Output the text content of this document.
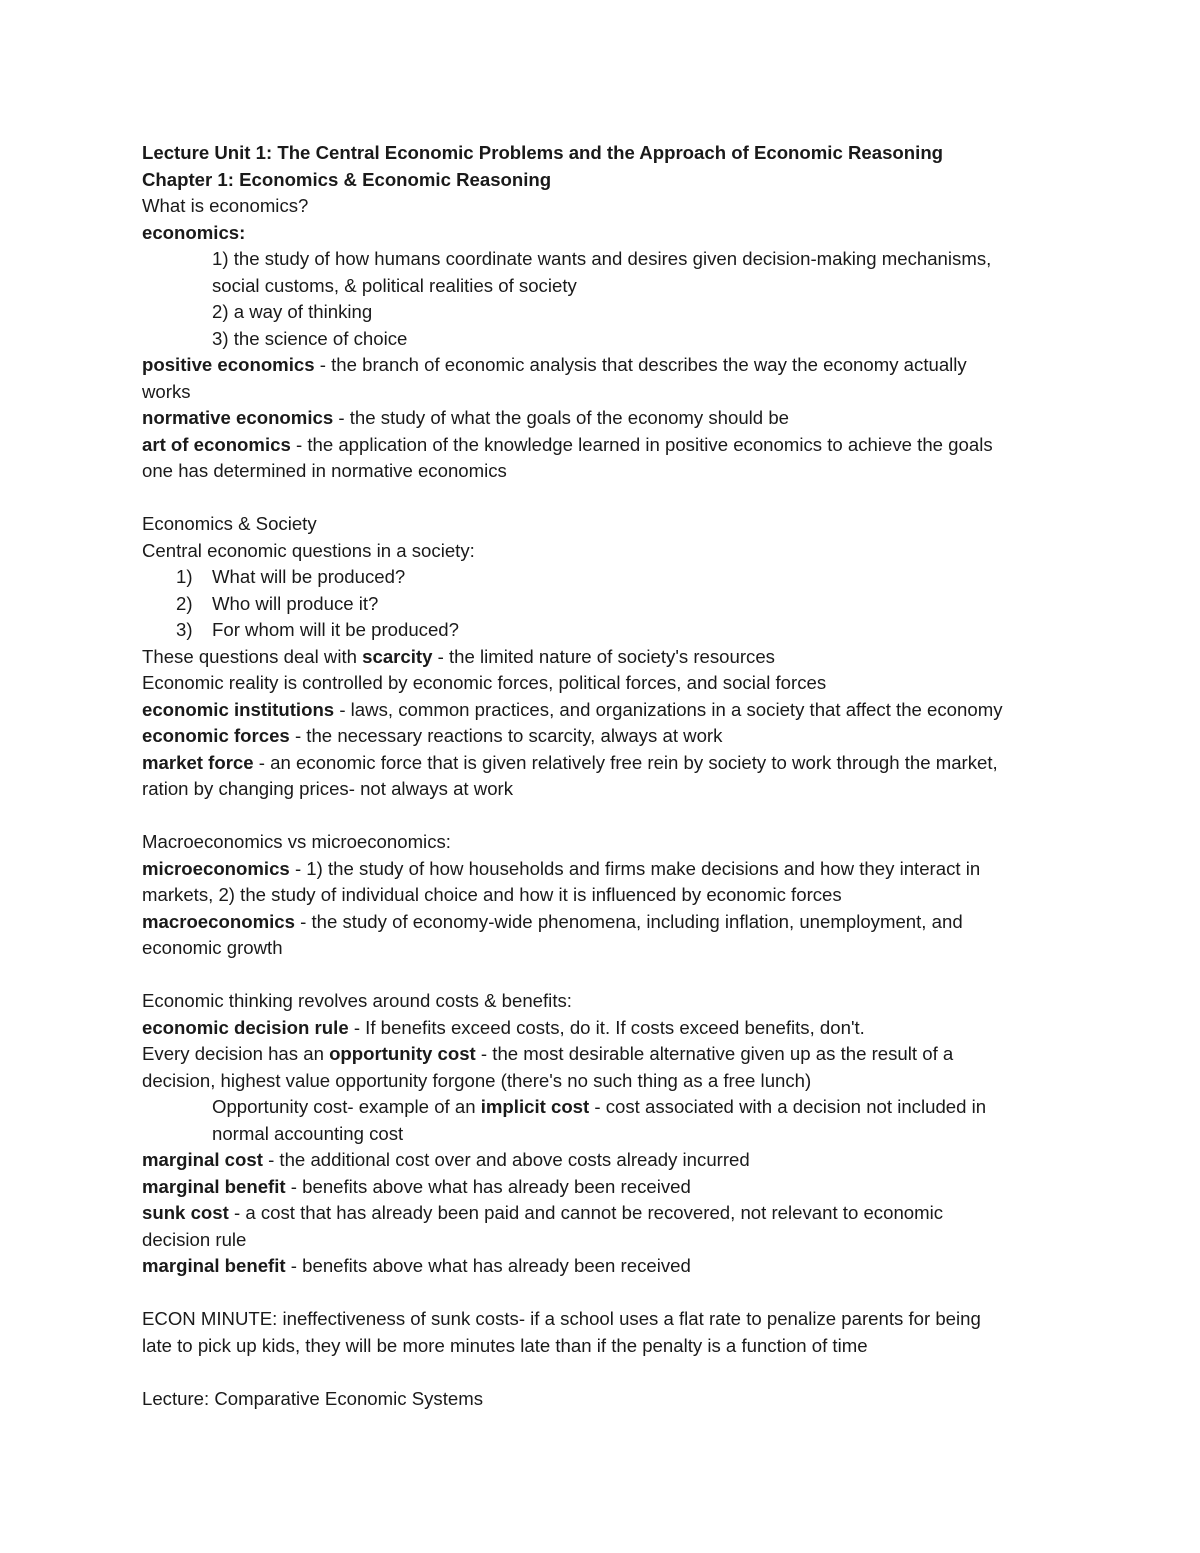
Lecture Unit 1: The Central Economic Problems and the Approach of Economic Reasoning
Chapter 1: Economics & Economic Reasoning
What is economics?
economics:
1) the study of how humans coordinate wants and desires given decision-making mechanisms,
social customs, & political realities of society
2) a way of thinking
3) the science of choice
positive economics - the branch of economic analysis that describes the way the economy actually
works
normative economics - the study of what the goals of the economy should be
art of economics - the application of the knowledge learned in positive economics to achieve the goals
one has determined in normative economics
Economics & Society
Central economic questions in a society:
1)	What will be produced?
2)	Who will produce it?
3)	For whom will it be produced?
These questions deal with scarcity - the limited nature of society's resources
Economic reality is controlled by economic forces, political forces, and social forces
economic institutions - laws, common practices, and organizations in a society that affect the economy
economic forces - the necessary reactions to scarcity, always at work
market force - an economic force that is given relatively free rein by society to work through the market,
ration by changing prices- not always at work
Macroeconomics vs microeconomics:
microeconomics - 1) the study of how households and firms make decisions and how they interact in
markets, 2) the study of individual choice and how it is influenced by economic forces
macroeconomics - the study of economy-wide phenomena, including inflation, unemployment, and
economic growth
Economic thinking revolves around costs & benefits:
economic decision rule - If benefits exceed costs, do it. If costs exceed benefits, don't.
Every decision has an opportunity cost - the most desirable alternative given up as the result of a
decision, highest value opportunity forgone (there's no such thing as a free lunch)
Opportunity cost- example of an implicit cost - cost associated with a decision not included in
normal accounting cost
marginal cost - the additional cost over and above costs already incurred
marginal benefit - benefits above what has already been received
sunk cost - a cost that has already been paid and cannot be recovered, not relevant to economic
decision rule
marginal benefit - benefits above what has already been received
ECON MINUTE: ineffectiveness of sunk costs- if a school uses a flat rate to penalize parents for being
late to pick up kids, they will be more minutes late than if the penalty is a function of time
Lecture: Comparative Economic Systems
